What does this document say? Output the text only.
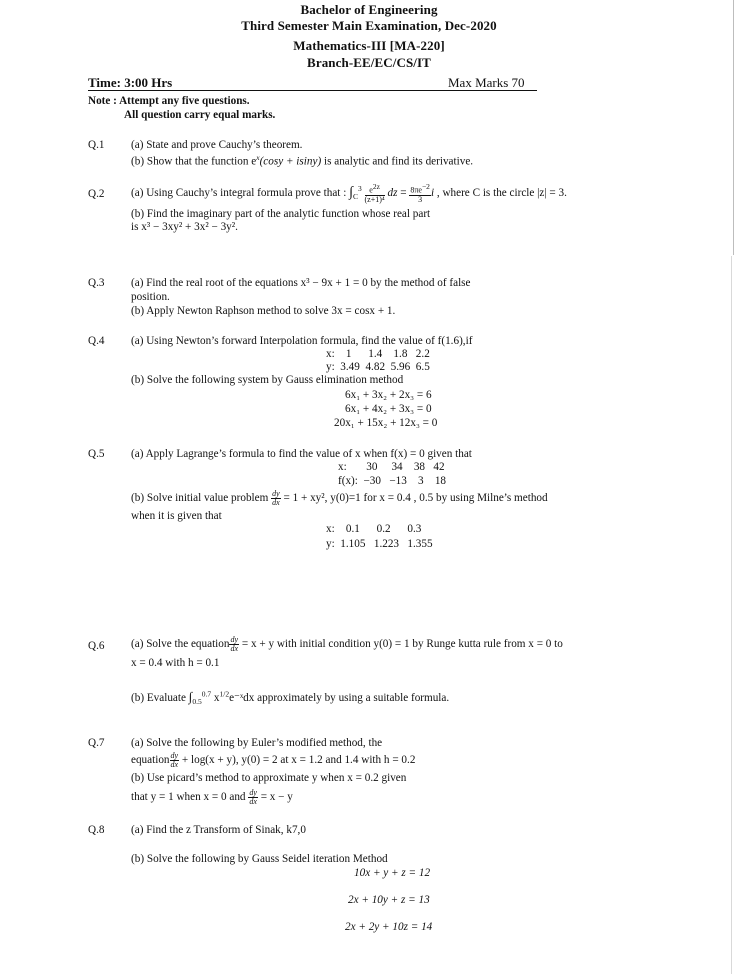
Bachelor of Engineering
Third Semester Main Examination, Dec-2020
Mathematics-III [MA-220]
Branch-EE/EC/CS/IT
Time: 3:00 Hrs	Max Marks 70
Note : Attempt any five questions.
All question carry equal marks.
Q.1 (a) State and prove Cauchy’s theorem.
(b) Show that the function $e^x(\cos y + isiny)$ is analytic and find its derivative.
Q.2 (a) Using Cauchy’s integral formula prove that : $\int_C^3 \frac{e^{2z}}{\text{(z+1)⁴}}$ dz = $\frac{8\pi e^{-2}}{3}$ i , where C is the circle |z| = 3.
(b) Find the imaginary part of the analytic function whose real part
is x³ − 3xy² + 3x² − 3y².
Q.3 (a) Find the real root of the equations x³ − 9x + 1 = 0 by the method of false
position.
(b) Apply Newton Raphson method to solve 3x = cosx + 1.
Q.4 (a) Using Newton’s forward Interpolation formula, find the value of f(1.6),if
x:    1      1.4    1.8   2.2
y:  3.49  4.82  5.96  6.5
(b) Solve the following system by Gauss elimination method
6x₁ + 3x₂ + 2x₃ = 6
6x₁ + 4x₂ + 3x₃ = 0
20x₁ + 15x₂ + 12x₃ = 0
Q.5 (a) Apply Lagrange’s formula to find the value of x when f(x) = 0 given that
x:       30     34    38   42
f(x):  −30   −13    3    18
(b) Solve initial value problem $\frac{dy}{dx} = 1 + xy^2$, y(0)=1 for x = 0.4 , 0.5 by using Milne’s method
when it is given that
x:    0.1      0.2      0.3
y:  1.105   1.223   1.355
Q.6 (a) Solve the equation $\frac{dy}{dx} = x + y$ with initial condition y(0) = 1 by Runge kutta rule from x = 0 to
x = 0.4 with h = 0.1
(b) Evaluate $\int_{0.5}^{0.7}$ $x^{1/2}e^-ˣdx$ approximately by using a suitable formula.
Q.7 (a) Solve the following by Euler’s modified method, the
equation $\frac{dy}{dx} + \log(x + y)$, y(0) = 2 at x = 1.2 and 1.4 with h = 0.2
(b) Use picard’s method to approximate y when x = 0.2 given
that y = 1 when x = 0 and $\frac{dy}{dx} = x - y$
Q.8 (a) Find the z Transform of Sinak, k7,0
(b) Solve the following by Gauss Seidel iteration Method
10x + y + z = 12
2x + 10y + z = 13
2x + 2y + 10z = 14
